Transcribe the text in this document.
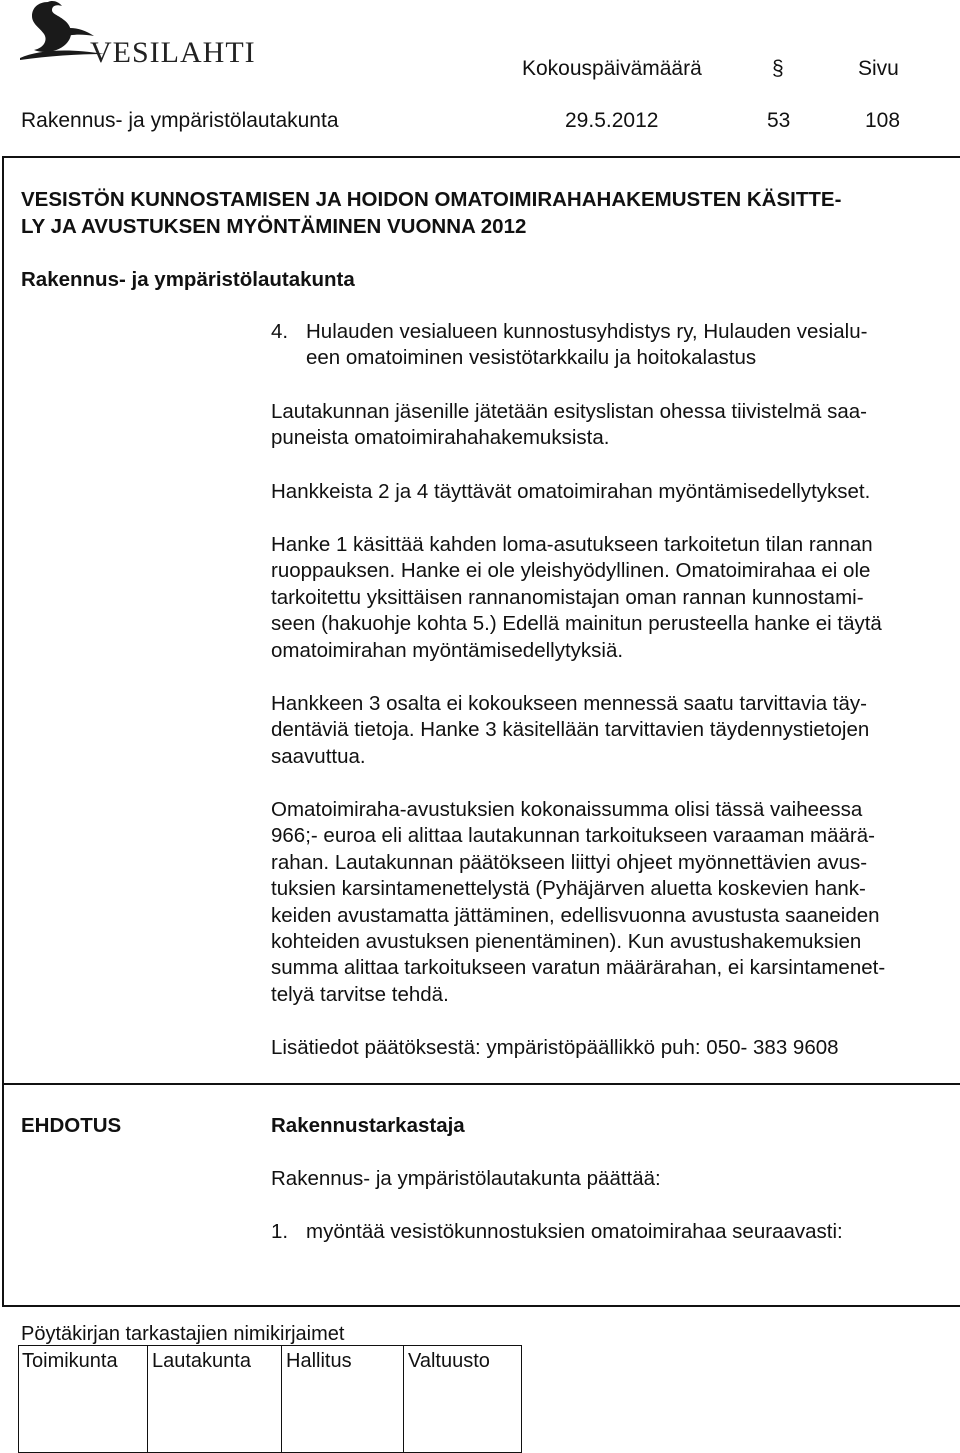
VESILAHTI	Kokouspäivämäärä	§	Sivu
Rakennus- ja ympäristölautakunta	29.5.2012	53	108
VESISTÖN KUNNOSTAMISEN JA HOIDON OMATOIMIRAHAHAKEMUSTEN KÄSITTE-
LY JA AVUSTUKSEN MYÖNTÄMINEN VUONNA 2012
Rakennus- ja ympäristölautakunta
4. Hulauden vesialueen kunnostusyhdistys ry, Hulauden vesialu-
een omatoiminen vesistötarkkailu ja hoitokalastus
Lautakunnan jäsenille jätetään esityslistan ohessa tiivistelmä saa-
puneista omatoimirahahakemuksista.
Hankkeista 2 ja 4 täyttävät omatoimirahan myöntämisedellytykset.
Hanke 1 käsittää kahden loma-asutukseen tarkoitetun tilan rannan
ruoppauksen. Hanke ei ole yleishyödyllinen. Omatoimirahaa ei ole
tarkoitettu yksittäisen rannanomistajan oman rannan kunnostami-
seen (hakuohje kohta 5.) Edellä mainitun perusteella hanke ei täytä
omatoimirahan myöntämisedellytyksiä.
Hankkeen 3 osalta ei kokoukseen mennessä saatu tarvittavia täy-
dentäviä tietoja. Hanke 3 käsitellään tarvittavien täydennystietojen
saavuttua.
Omatoimiraha-avustuksien kokonaissumma olisi tässä vaiheessa
966;- euroa eli alittaa lautakunnan tarkoitukseen varaaman määrä-
rahan. Lautakunnan päätökseen liittyi ohjeet myönnettävien avus-
tuksien karsintamenettelystä (Pyhäjärven aluetta koskevien hank-
keiden avustamatta jättäminen, edellisvuonna avustusta saaneiden
kohteiden avustuksen pienentäminen). Kun avustushakemuksien
summa alittaa tarkoitukseen varatun määrärahan, ei karsintamenet-
telyä tarvitse tehdä.
Lisätiedot päätöksestä: ympäristöpäällikkö puh: 050- 383 9608
EHDOTUS	Rakennustarkastaja
Rakennus- ja ympäristölautakunta päättää:
1. myöntää vesistökunnostuksien omatoimirahaa seuraavasti:
Pöytäkirjan tarkastajien nimikirjaimet
Toimikunta Lautakunta Hallitus	Valtuusto
